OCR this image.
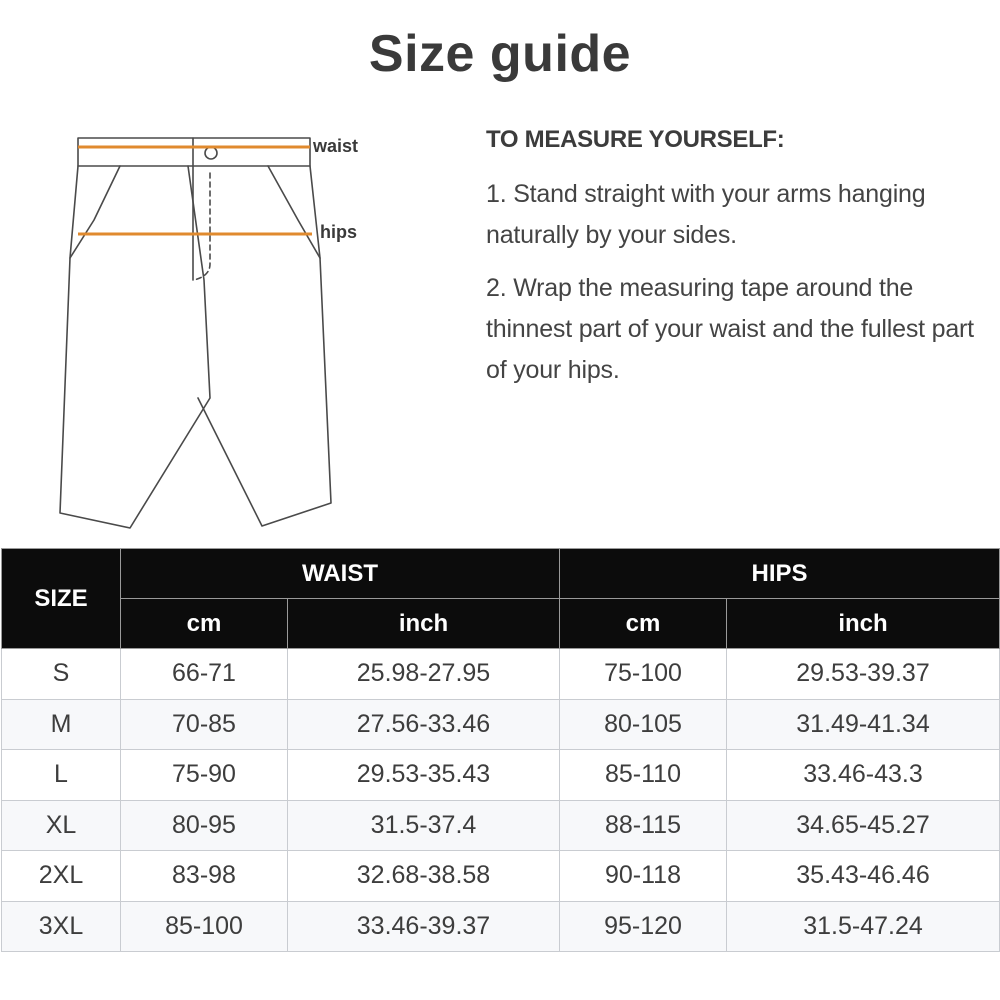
Size guide
waist
hips

TO MEASURE YOURSELF:

1. Stand straight with your arms hanging naturally by your sides.

2. Wrap the measuring tape around the thinnest part of your waist and the fullest part of your hips.

SIZE	WAIST		HIPS	
	cm	inch	cm	inch
S	66-71	25.98-27.95	75-100	29.53-39.37
M	70-85	27.56-33.46	80-105	31.49-41.34
L	75-90	29.53-35.43	85-110	33.46-43.3
XL	80-95	31.5-37.4	88-115	34.65-45.27
2XL	83-98	32.68-38.58	90-118	35.43-46.46
3XL	85-100	33.46-39.37	95-120	31.5-47.24
